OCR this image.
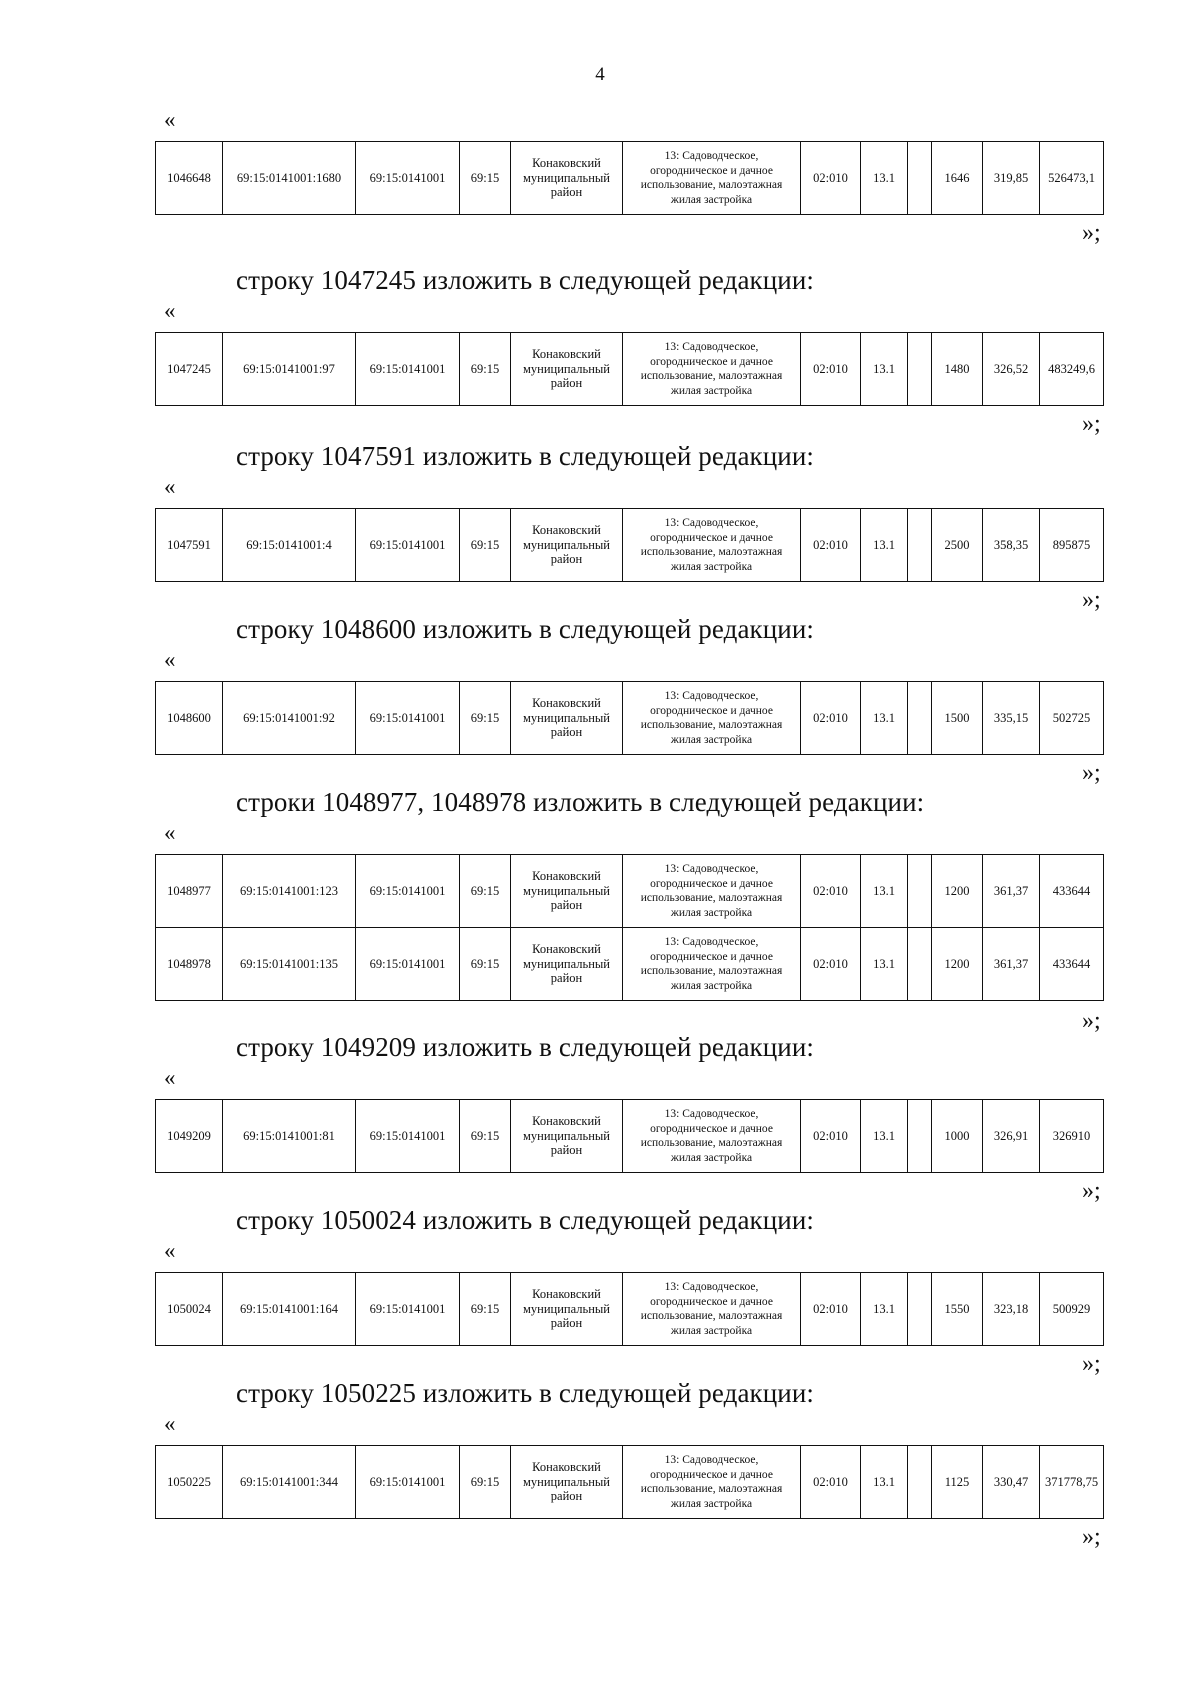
4
«
1046648	69:15:0141001:1680	69:15:0141001	69:15	Конаковский муниципальный район	13: Садоводческое, огородническое и дачное использование, малоэтажная жилая застройка	02:010	13.1		1646	319,85	526473,1
»;
строку 1047245 изложить в следующей редакции:
«
1047245	69:15:0141001:97	69:15:0141001	69:15	Конаковский муниципальный район	13: Садоводческое, огородническое и дачное использование, малоэтажная жилая застройка	02:010	13.1		1480	326,52	483249,6
»;
строку 1047591 изложить в следующей редакции:
«
1047591	69:15:0141001:4	69:15:0141001	69:15	Конаковский муниципальный район	13: Садоводческое, огородническое и дачное использование, малоэтажная жилая застройка	02:010	13.1		2500	358,35	895875
»;
строку 1048600 изложить в следующей редакции:
«
1048600	69:15:0141001:92	69:15:0141001	69:15	Конаковский муниципальный район	13: Садоводческое, огородническое и дачное использование, малоэтажная жилая застройка	02:010	13.1		1500	335,15	502725
»;
строки 1048977, 1048978 изложить в следующей редакции:
«
1048977	69:15:0141001:123	69:15:0141001	69:15	Конаковский муниципальный район	13: Садоводческое, огородническое и дачное использование, малоэтажная жилая застройка	02:010	13.1		1200	361,37	433644
1048978	69:15:0141001:135	69:15:0141001	69:15	Конаковский муниципальный район	13: Садоводческое, огородническое и дачное использование, малоэтажная жилая застройка	02:010	13.1		1200	361,37	433644
»;
строку 1049209 изложить в следующей редакции:
«
1049209	69:15:0141001:81	69:15:0141001	69:15	Конаковский муниципальный район	13: Садоводческое, огородническое и дачное использование, малоэтажная жилая застройка	02:010	13.1		1000	326,91	326910
»;
строку 1050024 изложить в следующей редакции:
«
1050024	69:15:0141001:164	69:15:0141001	69:15	Конаковский муниципальный район	13: Садоводческое, огородническое и дачное использование, малоэтажная жилая застройка	02:010	13.1		1550	323,18	500929
»;
строку 1050225 изложить в следующей редакции:
«
1050225	69:15:0141001:344	69:15:0141001	69:15	Конаковский муниципальный район	13: Садоводческое, огородническое и дачное использование, малоэтажная жилая застройка	02:010	13.1		1125	330,47	371778,75
»;
